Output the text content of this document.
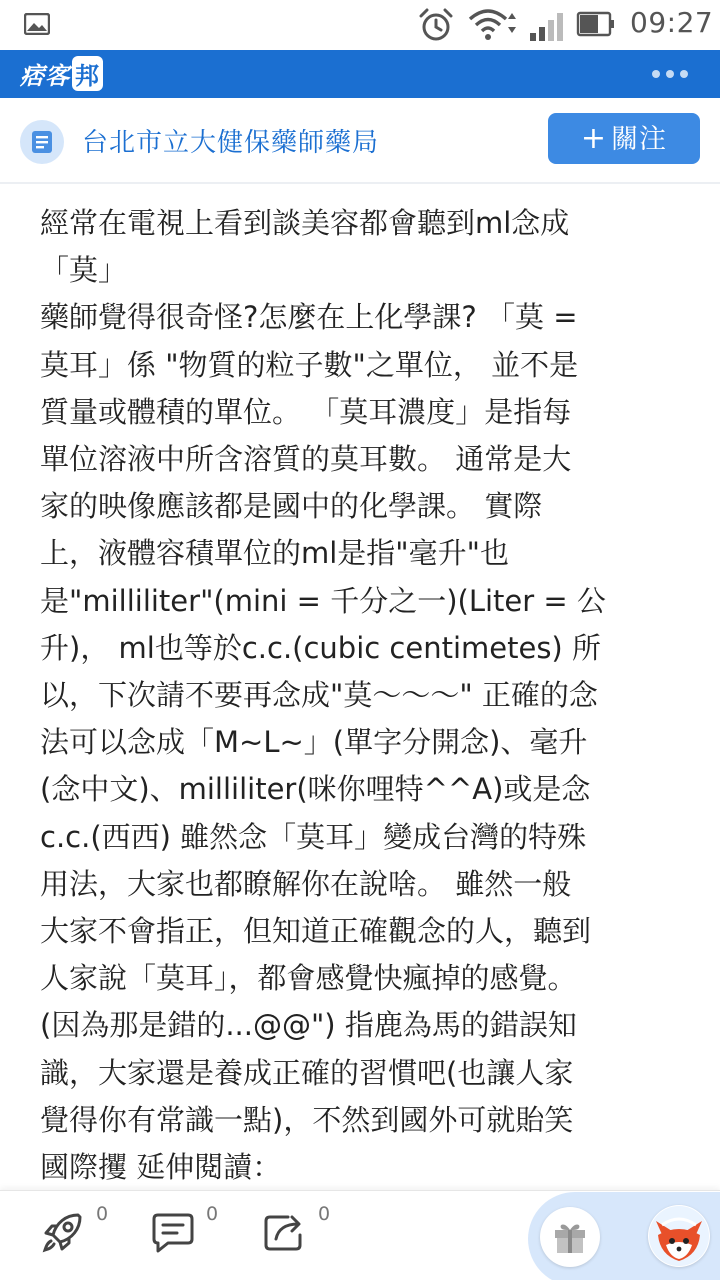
09:27
痞客 邦
台北市立大健保藥師藥局	+ 關注

經常在電視上看到談美容都會聽到ml念成

「莫」

藥師覺得很奇怪?怎麼在上化學課? 「莫 =

莫耳」係 "物質的粒子數"之單位， 並不是

質量或體積的單位。 「莫耳濃度」是指每

單位溶液中所含溶質的莫耳數。 通常是大

家的映像應該都是國中的化學課。 實際

上，液體容積單位的ml是指"毫升"也

是"milliliter"(mini = 千分之一)(Liter = 公

升)， ml也等於c.c.(cubic centimetes) 所

以，下次請不要再念成"莫～～～" 正確的念

法可以念成「M~L~」(單字分開念)、毫升

(念中文)、milliliter(咪你哩特^^A)或是念

c.c.(西西) 雖然念「莫耳」變成台灣的特殊

用法，大家也都瞭解你在說啥。 雖然一般

大家不會指正，但知道正確觀念的人，聽到

人家說「莫耳」，都會感覺快瘋掉的感覺。

(因為那是錯的...@@") 指鹿為馬的錯誤知

識，大家還是養成正確的習慣吧(也讓人家

覺得你有常識一點)，不然到國外可就貽笑

國際攫 延伸閱讀：

0	0	0
